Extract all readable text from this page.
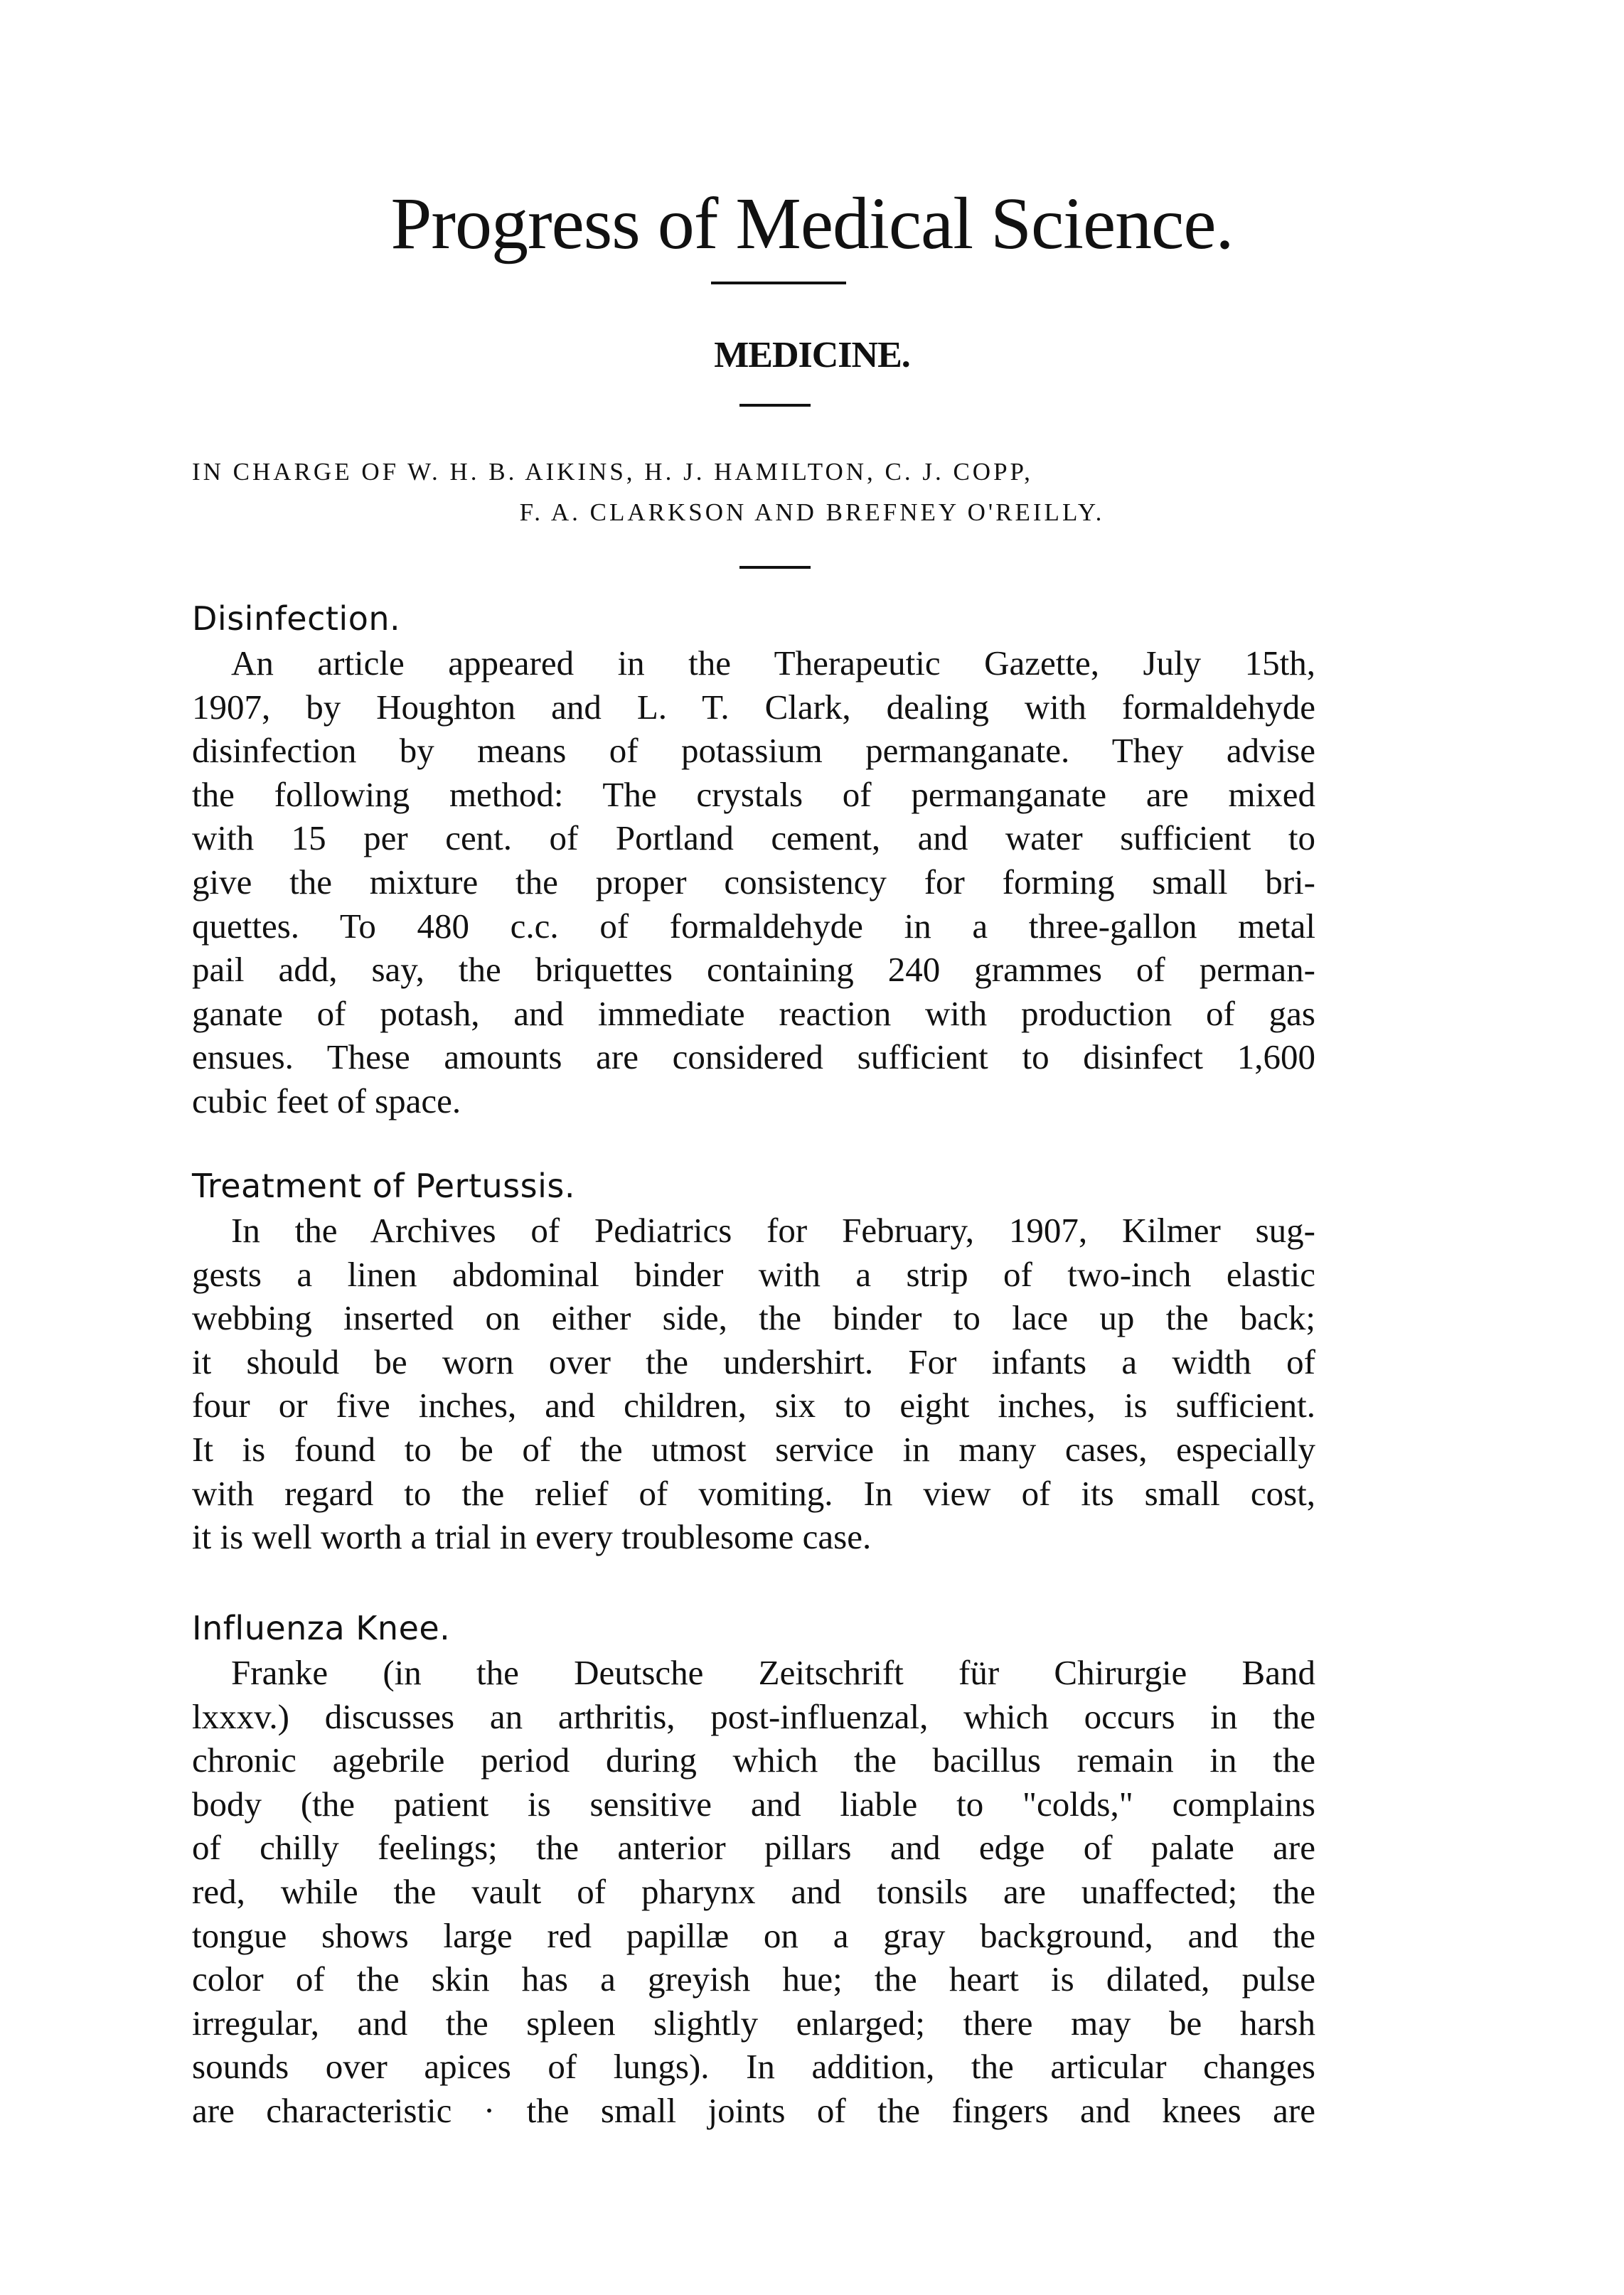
Progress of Medical Science.
MEDICINE.
IN CHARGE OF W. H. B. AIKINS, H. J. HAMILTON, C. J. COPP,
F. A. CLARKSON AND BREFNEY O'REILLY.
Disinfection.
An article appeared in the Therapeutic Gazette, July 15th,
1907, by Houghton and L. T. Clark, dealing with formaldehyde
disinfection by means of potassium permanganate. They advise
the following method: The crystals of permanganate are mixed
with 15 per cent. of Portland cement, and water sufficient to
give the mixture the proper consistency for forming small bri-
quettes. To 480 c.c. of formaldehyde in a three-gallon metal
pail add, say, the briquettes containing 240 grammes of perman-
ganate of potash, and immediate reaction with production of gas
ensues. These amounts are considered sufficient to disinfect 1,600
cubic feet of space.
Treatment of Pertussis.
In the Archives of Pediatrics for February, 1907, Kilmer sug-
gests a linen abdominal binder with a strip of two-inch elastic
webbing inserted on either side, the binder to lace up the back;
it should be worn over the undershirt. For infants a width of
four or five inches, and children, six to eight inches, is sufficient.
It is found to be of the utmost service in many cases, especially
with regard to the relief of vomiting. In view of its small cost,
it is well worth a trial in every troublesome case.
Influenza Knee.
Franke (in the Deutsche Zeitschrift für Chirurgie Band
lxxxv.) discusses an arthritis, post-influenzal, which occurs in the
chronic agebrile period during which the bacillus remain in the
body (the patient is sensitive and liable to "colds," complains
of chilly feelings; the anterior pillars and edge of palate are
red, while the vault of pharynx and tonsils are unaffected; the
tongue shows large red papillæ on a gray background, and the
color of the skin has a greyish hue; the heart is dilated, pulse
irregular, and the spleen slightly enlarged; there may be harsh
sounds over apices of lungs). In addition, the articular changes
are characteristic · the small joints of the fingers and knees are
